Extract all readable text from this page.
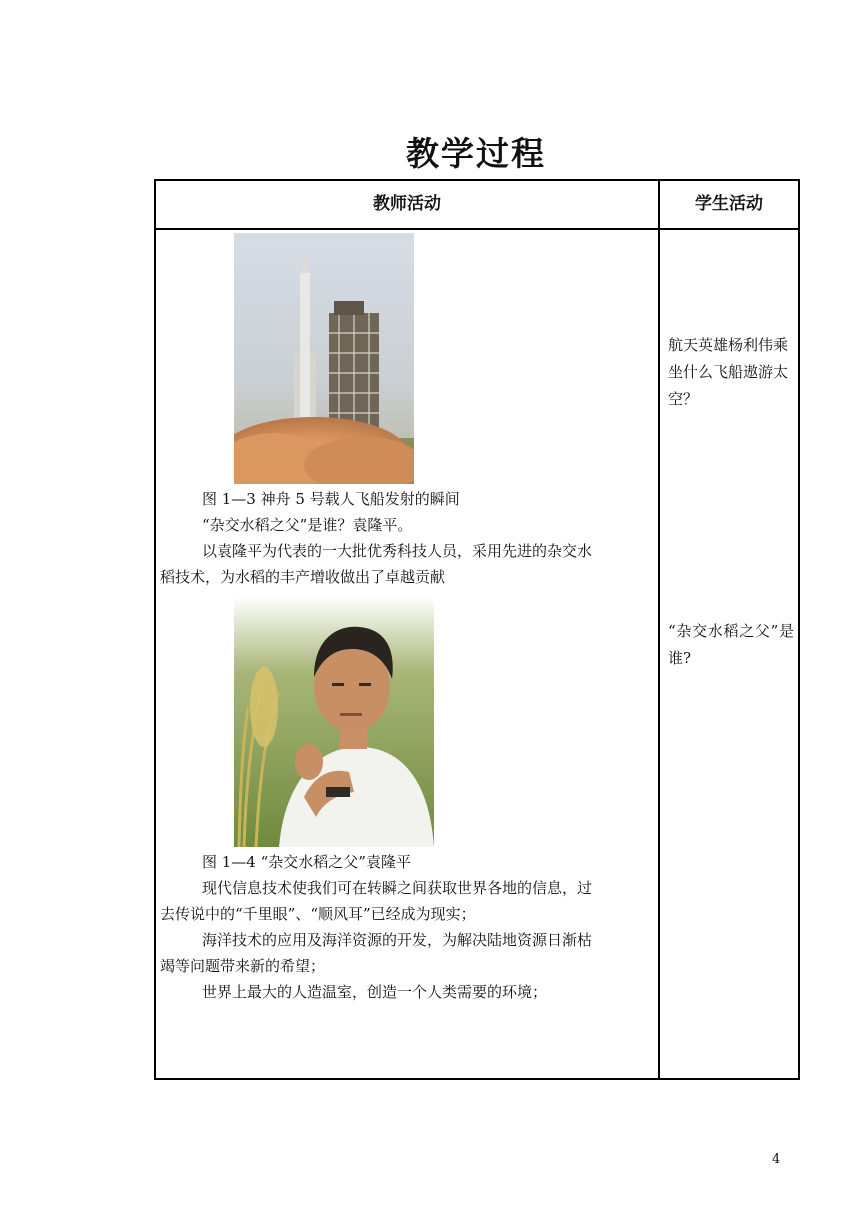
教学过程
教师活动	学生活动
图 1—3 神舟 5 号载人飞船发射的瞬间
“杂交水稻之父”是谁？袁隆平。
以袁隆平为代表的一大批优秀科技人员，采用先进的杂交水
稻技术，为水稻的丰产增收做出了卓越贡献
图 1—4 “杂交水稻之父”袁隆平
现代信息技术使我们可在转瞬之间获取世界各地的信息，过
去传说中的“千里眼”、“顺风耳”已经成为现实；
海洋技术的应用及海洋资源的开发，为解决陆地资源日渐枯
竭等问题带来新的希望；
世界上最大的人造温室，创造一个人类需要的环境；
航天英雄杨利伟乘坐什么飞船遨游太空？
“杂交水稻之父”是谁?
4
